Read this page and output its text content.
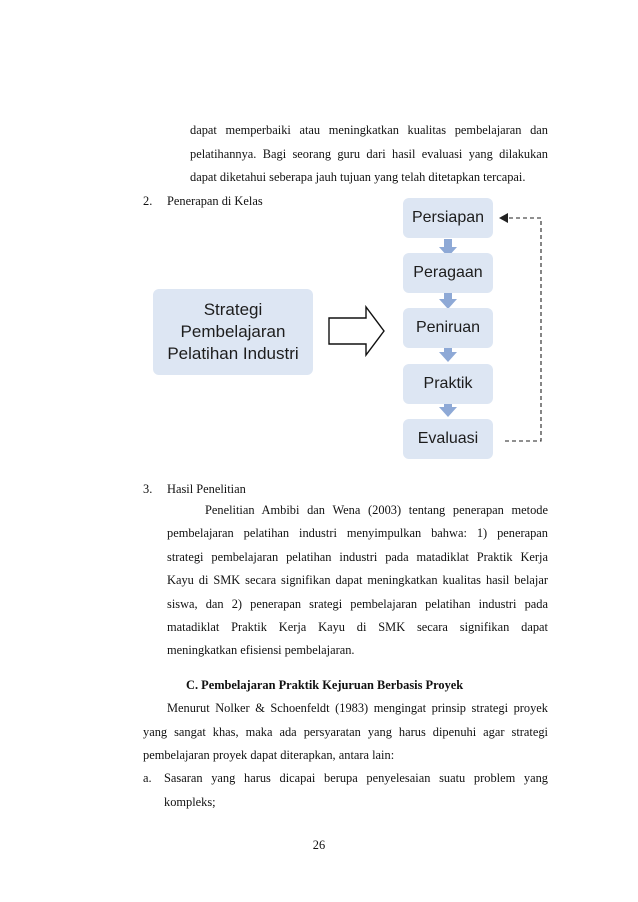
dapat memperbaiki atau meningkatkan kualitas pembelajaran dan
pelatihannya. Bagi seorang guru dari hasil evaluasi yang dilakukan
dapat diketahui seberapa jauh tujuan yang telah ditetapkan tercapai.
2. Penerapan di Kelas
Strategi
Pembelajaran
Pelatihan Industri
Persiapan
Peragaan
Peniruan
Praktik
Evaluasi
3. Hasil Penelitian
Penelitian Ambibi dan Wena (2003) tentang penerapan metode
pembelajaran pelatihan industri menyimpulkan bahwa: 1) penerapan
strategi pembelajaran pelatihan industri pada matadiklat Praktik Kerja
Kayu di SMK secara signifikan dapat meningkatkan kualitas hasil belajar
siswa, dan 2) penerapan srategi pembelajaran pelatihan industri pada
matadiklat Praktik Kerja Kayu di SMK secara signifikan dapat
meningkatkan efisiensi pembelajaran.
C. Pembelajaran Praktik Kejuruan Berbasis Proyek
Menurut Nolker & Schoenfeldt (1983) mengingat prinsip strategi proyek
yang sangat khas, maka ada persyaratan yang harus dipenuhi agar strategi
pembelajaran proyek dapat diterapkan, antara lain:
a. Sasaran yang harus dicapai berupa penyelesaian suatu problem yang
kompleks;
26
